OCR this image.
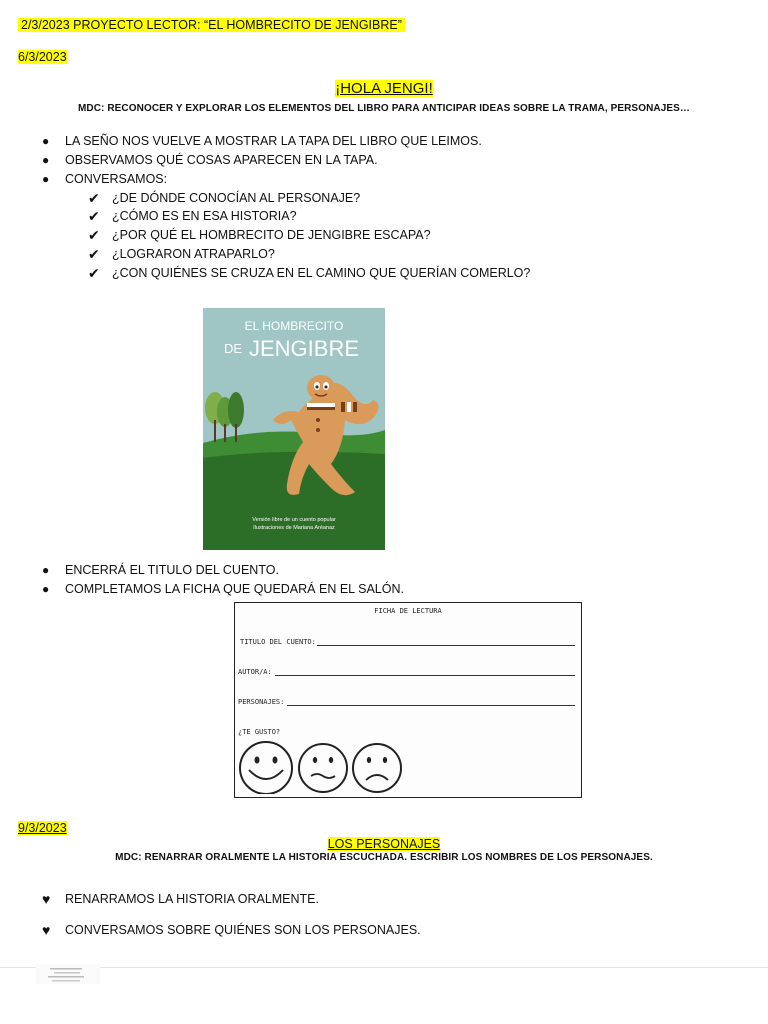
2/3/2023 PROYECTO LECTOR: “EL HOMBRECITO DE JENGIBRE”
6/3/2023
¡HOLA JENGI!
MDC: RECONOCER Y EXPLORAR LOS ELEMENTOS DEL LIBRO PARA ANTICIPAR IDEAS SOBRE LA TRAMA, PERSONAJES…
● LA SEÑO NOS VUELVE A MOSTRAR LA TAPA DEL LIBRO QUE LEIMOS.
● OBSERVAMOS QUÉ COSAS APARECEN EN LA TAPA.
● CONVERSAMOS:
✔ ¿DE DÓNDE CONOCÍAN AL PERSONAJE?
✔ ¿CÓMO ES EN ESA HISTORIA?
✔ ¿POR QUÉ EL HOMBRECITO DE JENGIBRE ESCAPA?
✔ ¿LOGRARON ATRAPARLO?
✔ ¿CON QUIÉNES SE CRUZA EN EL CAMINO QUE QUERÍAN COMERLO?
EL HOMBRECITO
DE JENGIBRE
Versión libre de un cuento popular
Ilustraciones de Mariana Aréanaz
● ENCERRÁ EL TITULO DEL CUENTO.
● COMPLETAMOS LA FICHA QUE QUEDARÁ EN EL SALÓN.
FICHA DE LECTURA
TITULO DEL CUENTO:
AUTOR/A:
PERSONAJES:
¿TE GUSTO?
9/3/2023
LOS PERSONAJES
MDC: RENARRAR ORALMENTE LA HISTORIA ESCUCHADA. ESCRIBIR LOS NOMBRES DE LOS PERSONAJES.
♥ RENARRAMOS LA HISTORIA ORALMENTE.
♥ CONVERSAMOS SOBRE QUIÉNES SON LOS PERSONAJES.
